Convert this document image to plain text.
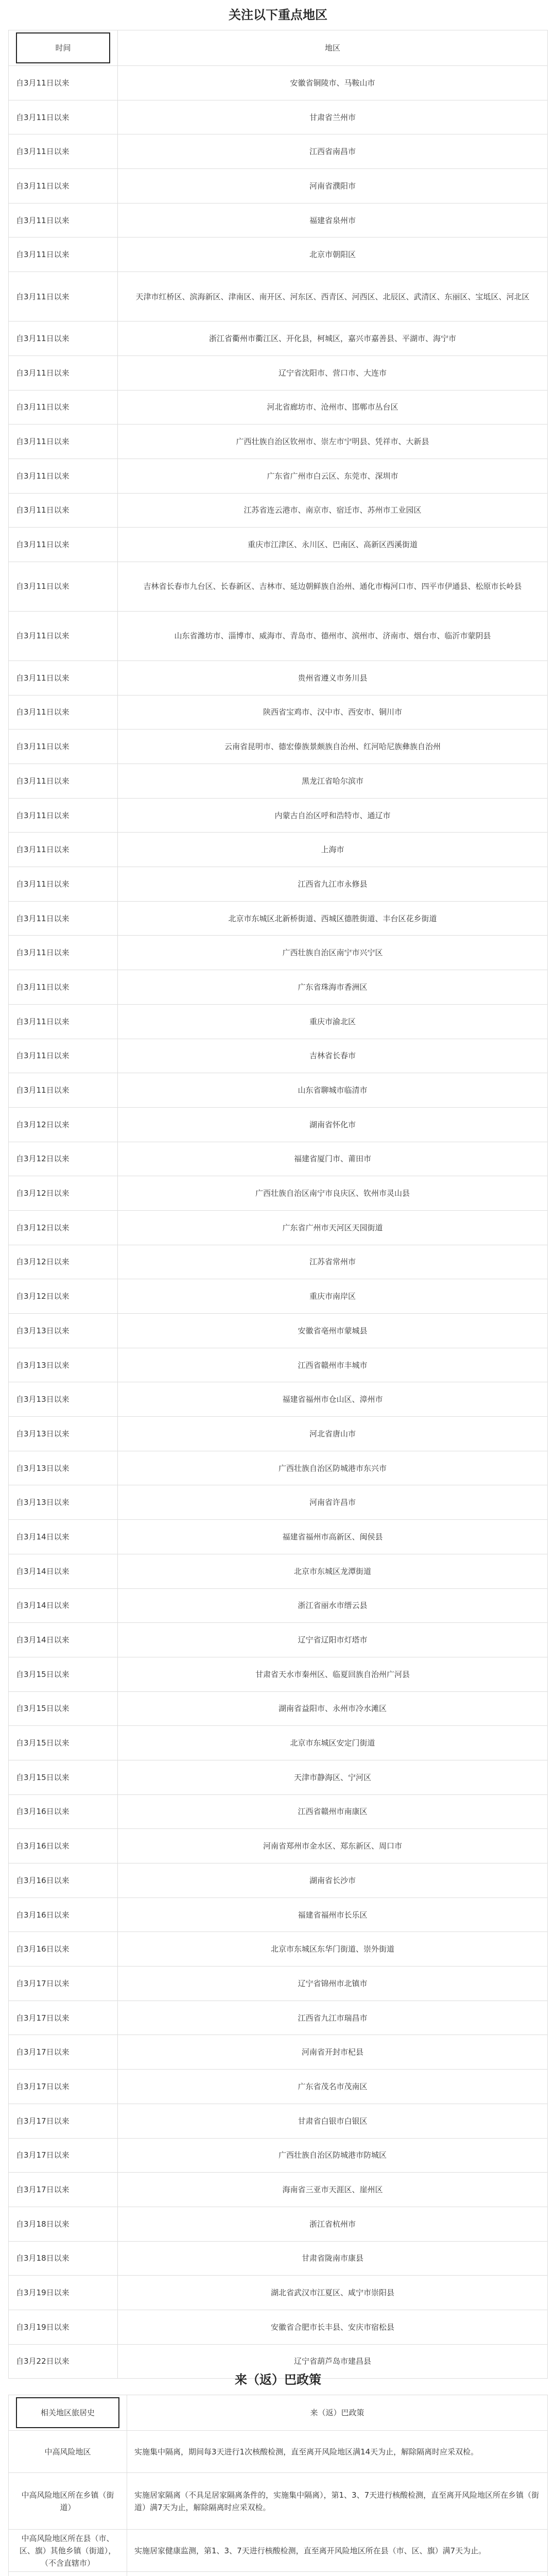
关注以下重点地区
时间	地区
自3月11日以来	安徽省铜陵市、马鞍山市
自3月11日以来	甘肃省兰州市
自3月11日以来	江西省南昌市
自3月11日以来	河南省濮阳市
自3月11日以来	福建省泉州市
自3月11日以来	北京市朝阳区
自3月11日以来	天津市红桥区、滨海新区、津南区、南开区、河东区、西青区、河西区、北辰区、武清区、东丽区、宝坻区、河北区
自3月11日以来	浙江省衢州市衢江区、开化县，柯城区，嘉兴市嘉善县、平湖市、海宁市
自3月11日以来	辽宁省沈阳市、营口市、大连市
自3月11日以来	河北省廊坊市、沧州市、邯郸市丛台区
自3月11日以来	广西壮族自治区钦州市、崇左市宁明县、凭祥市、大新县
自3月11日以来	广东省广州市白云区、东莞市、深圳市
自3月11日以来	江苏省连云港市、南京市、宿迁市、苏州市工业园区
自3月11日以来	重庆市江津区、永川区、巴南区、高新区西溪街道
自3月11日以来	吉林省长春市九台区、长春新区、吉林市、延边朝鲜族自治州、通化市梅河口市、四平市伊通县、松原市长岭县
自3月11日以来	山东省潍坊市、淄博市、威海市、青岛市、德州市、滨州市、济南市、烟台市、临沂市蒙阴县
自3月11日以来	贵州省遵义市务川县
自3月11日以来	陕西省宝鸡市、汉中市、西安市、铜川市
自3月11日以来	云南省昆明市、德宏傣族景颇族自治州、红河哈尼族彝族自治州
自3月11日以来	黑龙江省哈尔滨市
自3月11日以来	内蒙古自治区呼和浩特市、通辽市
自3月11日以来	上海市
自3月11日以来	江西省九江市永修县
自3月11日以来	北京市东城区北新桥街道、西城区德胜街道、丰台区花乡街道
自3月11日以来	广西壮族自治区南宁市兴宁区
自3月11日以来	广东省珠海市香洲区
自3月11日以来	重庆市渝北区
自3月11日以来	吉林省长春市
自3月11日以来	山东省聊城市临清市
自3月12日以来	湖南省怀化市
自3月12日以来	福建省厦门市、莆田市
自3月12日以来	广西壮族自治区南宁市良庆区、钦州市灵山县
自3月12日以来	广东省广州市天河区天园街道
自3月12日以来	江苏省常州市
自3月12日以来	重庆市南岸区
自3月13日以来	安徽省亳州市蒙城县
自3月13日以来	江西省赣州市丰城市
自3月13日以来	福建省福州市仓山区、漳州市
自3月13日以来	河北省唐山市
自3月13日以来	广西壮族自治区防城港市东兴市
自3月13日以来	河南省许昌市
自3月14日以来	福建省福州市高新区、闽侯县
自3月14日以来	北京市东城区龙潭街道
自3月14日以来	浙江省丽水市缙云县
自3月14日以来	辽宁省辽阳市灯塔市
自3月15日以来	甘肃省天水市秦州区、临夏回族自治州广河县
自3月15日以来	湖南省益阳市、永州市冷水滩区
自3月15日以来	北京市东城区安定门街道
自3月15日以来	天津市静海区、宁河区
自3月16日以来	江西省赣州市南康区
自3月16日以来	河南省郑州市金水区、郑东新区、周口市
自3月16日以来	湖南省长沙市
自3月16日以来	福建省福州市长乐区
自3月16日以来	北京市东城区东华门街道、崇外街道
自3月17日以来	辽宁省锦州市北镇市
自3月17日以来	江西省九江市瑞昌市
自3月17日以来	河南省开封市杞县
自3月17日以来	广东省茂名市茂南区
自3月17日以来	甘肃省白银市白银区
自3月17日以来	广西壮族自治区防城港市防城区
自3月17日以来	海南省三亚市天涯区、崖州区
自3月18日以来	浙江省杭州市
自3月18日以来	甘肃省陇南市康县
自3月19日以来	湖北省武汉市江夏区、咸宁市崇阳县
自3月19日以来	安徽省合肥市长丰县、安庆市宿松县
自3月22日以来	辽宁省葫芦岛市建昌县
来（返）巴政策
相关地区旅居史	来（返）巴政策
中高风险地区	实施集中隔离，期间每3天进行1次核酸检测，直至离开风险地区满14天为止，解除隔离时应采双检。
中高风险地区所在乡镇（街道）	实施居家隔离（不具足居家隔离条件的，实施集中隔离），第1、3、7天进行核酸检测，直至离开风险地区所在乡镇（街道）满7天为止，解除隔离时应采双检。
中高风险地区所在县（市、区、旗）其他乡镇（街道），（不含直辖市）	实施居家健康监测，第1、3、7天进行核酸检测，直至离开风险地区所在县（市、区、旗）满7天为止。
